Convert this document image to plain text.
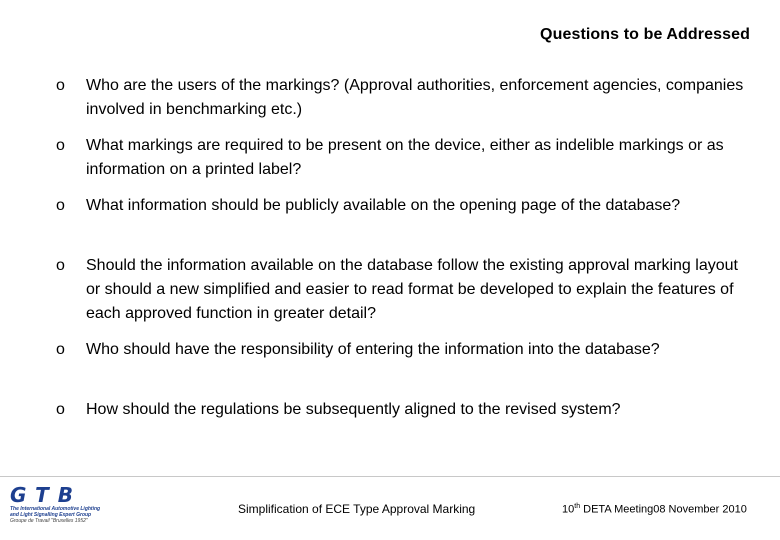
Questions to be Addressed
o Who are the users of the markings? (Approval authorities, enforcement agencies, companies involved in benchmarking etc.)
o What markings are required to be present on the device, either as indelible markings or as information on a printed label?
o What information should be publicly available on the opening page of the database?
o Should the information available on the database follow the existing approval marking layout or should a new simplified and easier to read format be developed to explain the features of each approved function in greater detail?
o Who should have the responsibility of entering the information into the database?
o How should the regulations be subsequently aligned to the revised system?
GTB
The International Automotive Lighting
and Light Signalling Expert Group
Groupe de Travail "Bruxelles 1952"
Simplification of ECE Type Approval Marking	10th DETA Meeting08 November 2010
